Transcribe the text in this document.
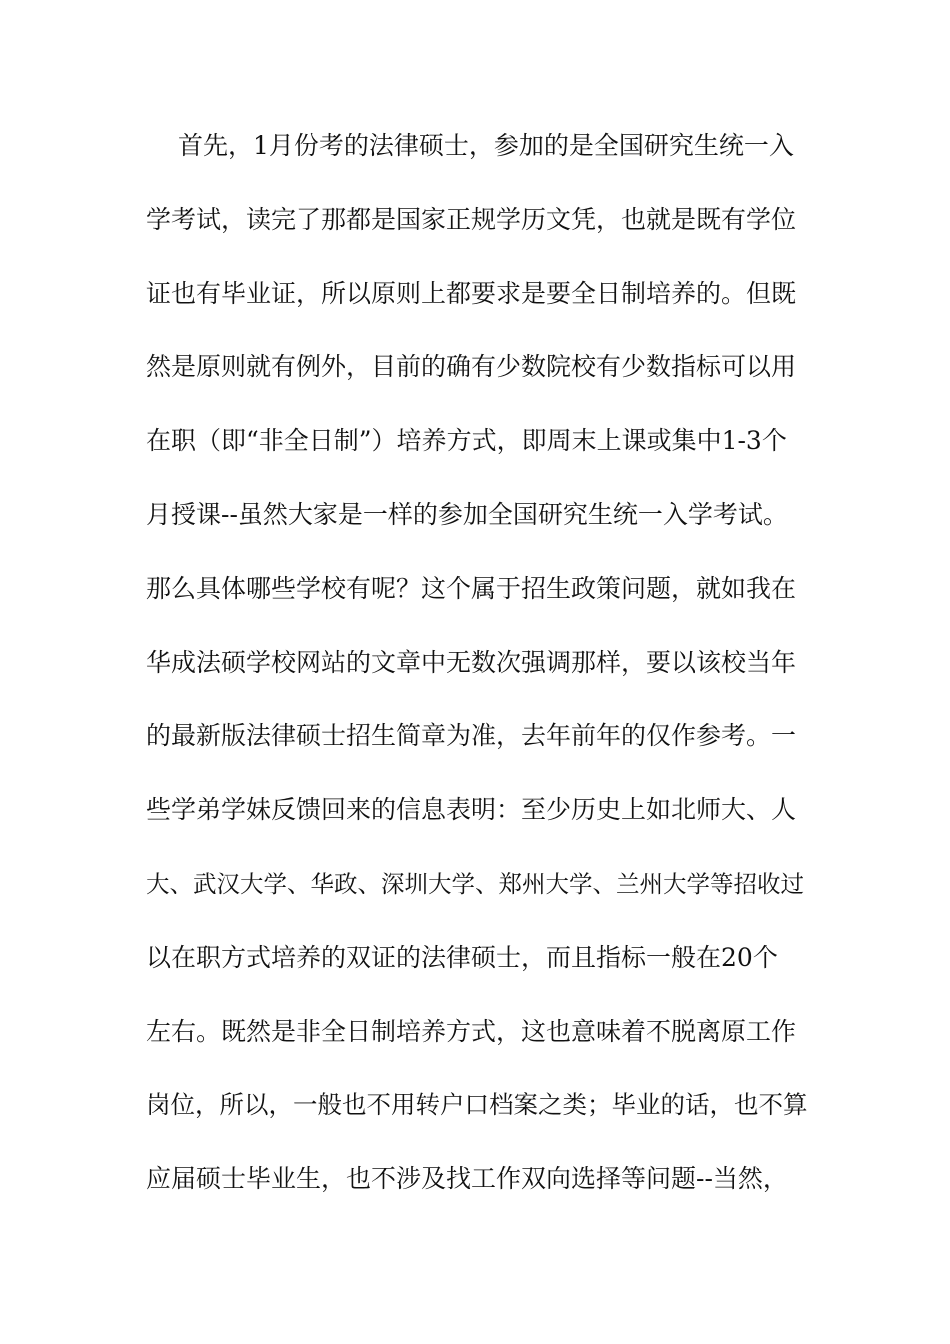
首先，1月份考的法律硕士，参加的是全国研究生统一入
学考试，读完了那都是国家正规学历文凭，也就是既有学位
证也有毕业证，所以原则上都要求是要全日制培养的。但既
然是原则就有例外，目前的确有少数院校有少数指标可以用
在职（即“非全日制”）培养方式，即周末上课或集中1-3个
月授课--虽然大家是一样的参加全国研究生统一入学考试。
那么具体哪些学校有呢？这个属于招生政策问题，就如我在
华成法硕学校网站的文章中无数次强调那样，要以该校当年
的最新版法律硕士招生简章为准，去年前年的仅作参考。一
些学弟学妹反馈回来的信息表明：至少历史上如北师大、人
大、武汉大学、华政、深圳大学、郑州大学、兰州大学等招收过
以在职方式培养的双证的法律硕士，而且指标一般在20个
左右。既然是非全日制培养方式，这也意味着不脱离原工作
岗位，所以，一般也不用转户口档案之类；毕业的话，也不算
应届硕士毕业生，也不涉及找工作双向选择等问题--当然，
